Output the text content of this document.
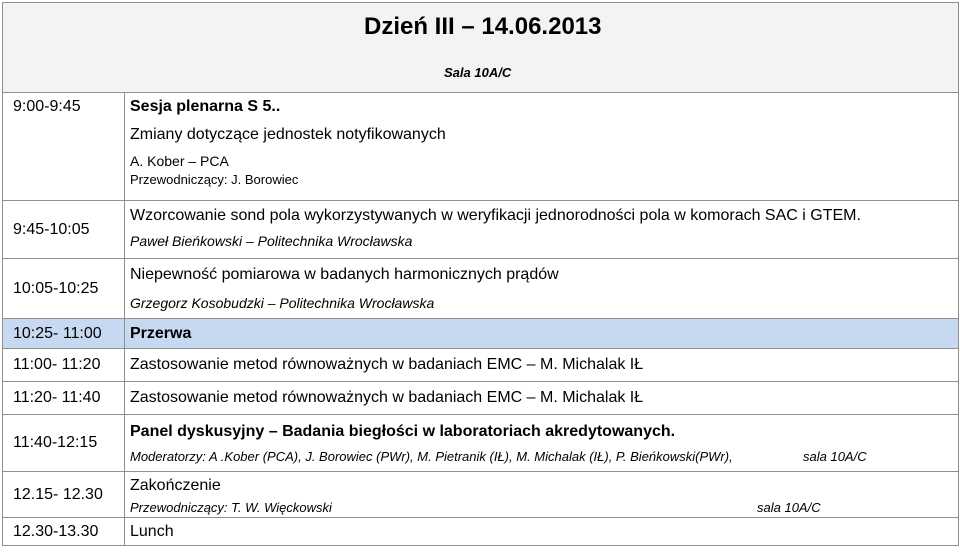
Dzień III – 14.06.2013
Sala 10A/C	

9:00-9:45	Sesja plenarna S 5..
Zmiany dotyczące jednostek notyfikowanych
A. Kober – PCA
Przewodniczący: J. Borowiec

9:45-10:05	Wzorcowanie sond pola wykorzystywanych w weryfikacji jednorodności pola w komorach SAC i GTEM.
Paweł Bieńkowski – Politechnika Wrocławska

10:05-10:25	Niepewność pomiarowa w badanych harmonicznych prądów
Grzegorz Kosobudzki – Politechnika Wrocławska

10:25- 11:00	Przerwa

11:00- 11:20	Zastosowanie metod równoważnych w badaniach EMC – M. Michalak IŁ

11:20- 11:40	Zastosowanie metod równoważnych w badaniach EMC – M. Michalak IŁ

11:40-12:15	Panel dyskusyjny – Badania biegłości w laboratoriach akredytowanych.
Moderatorzy: A .Kober (PCA), J. Borowiec (PWr), M. Pietranik (IŁ), M. Michalak (IŁ), P. Bieńkowski(PWr), sala 10A/C

12.15- 12.30	Zakończenie
Przewodniczący: T. W. Więckowski sala 10A/C

12.30-13.30	Lunch
